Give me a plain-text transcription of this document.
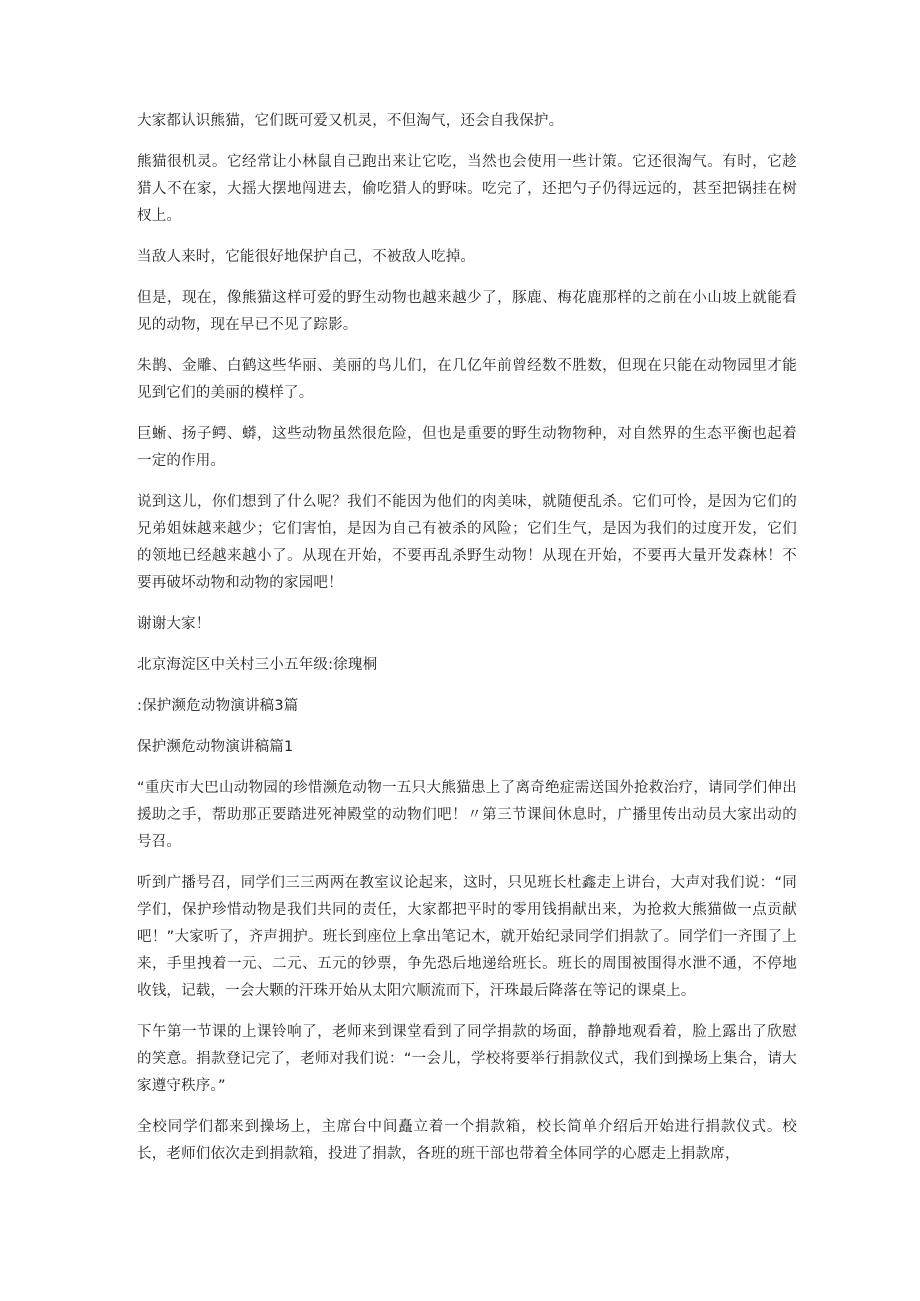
大家都认识熊猫，它们既可爱又机灵，不但淘气，还会自我保护。

熊猫很机灵。它经常让小林鼠自己跑出来让它吃，当然也会使用一些计策。它还很淘气。有时，它趁猎人不在家，大摇大摆地闯进去，偷吃猎人的野味。吃完了，还把勺子仍得远远的，甚至把锅挂在树杈上。

当敌人来时，它能很好地保护自己，不被敌人吃掉。

但是，现在，像熊猫这样可爱的野生动物也越来越少了，豚鹿、梅花鹿那样的之前在小山坡上就能看见的动物，现在早已不见了踪影。

朱鹊、金雕、白鹤这些华丽、美丽的鸟儿们，在几亿年前曾经数不胜数，但现在只能在动物园里才能见到它们的美丽的模样了。

巨蜥、扬子鳄、蟒，这些动物虽然很危险，但也是重要的野生动物物种，对自然界的生态平衡也起着一定的作用。

说到这儿，你们想到了什么呢？我们不能因为他们的肉美味，就随便乱杀。它们可怜，是因为它们的兄弟姐妹越来越少；它们害怕，是因为自己有被杀的风险；它们生气，是因为我们的过度开发，它们的领地已经越来越小了。从现在开始，不要再乱杀野生动物！从现在开始，不要再大量开发森林！不要再破坏动物和动物的家园吧！

谢谢大家！

北京海淀区中关村三小五年级:徐瑰桐

:保护濒危动物演讲稿3篇

保护濒危动物演讲稿篇1

“重庆市大巴山动物园的珍惜濒危动物一五只大熊猫患上了离奇绝症需送国外抢救治疗，请同学们伸出援助之手，帮助那正要踏进死神殿堂的动物们吧！〃第三节课间休息时，广播里传出动员大家出动的号召。

听到广播号召，同学们三三两两在教室议论起来，这时，只见班长杜鑫走上讲台，大声对我们说：“同学们，保护珍惜动物是我们共同的责任，大家都把平时的零用钱捐献出来，为抢救大熊猫做一点贡献吧！”大家听了，齐声拥护。班长到座位上拿出笔记木，就开始纪录同学们捐款了。同学们一齐围了上来，手里拽着一元、二元、五元的钞票，争先恐后地递给班长。班长的周围被围得水泄不通，不停地收钱，记载，一会大颗的汗珠开始从太阳穴顺流而下，汗珠最后降落在等记的课桌上。

下午第一节课的上课铃响了，老师来到课堂看到了同学捐款的场面，静静地观看着，脸上露出了欣慰的笑意。捐款登记完了，老师对我们说：“一会儿，学校将要举行捐款仪式，我们到操场上集合，请大家遵守秩序。”

全校同学们都来到操场上，主席台中间矗立着一个捐款箱，校长简单介绍后开始进行捐款仪式。校长，老师们依次走到捐款箱，投进了捐款，各班的班干部也带着全体同学的心愿走上捐款席，
